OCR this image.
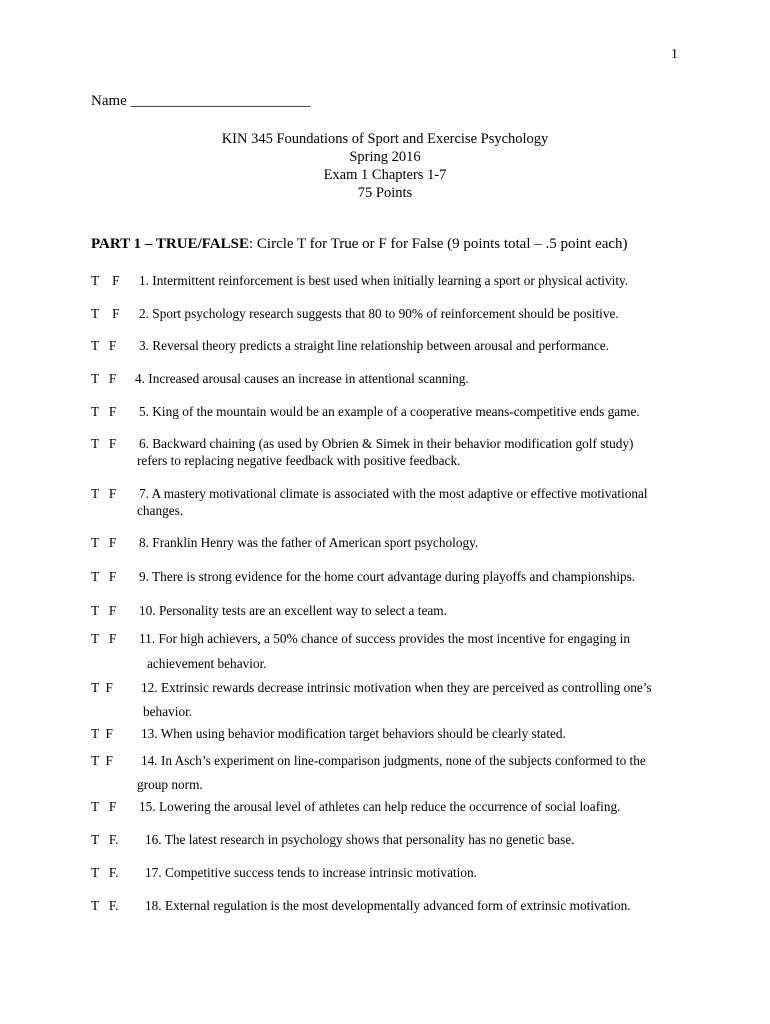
1
Name ________________________
KIN 345 Foundations of Sport and Exercise Psychology
Spring 2016
Exam 1 Chapters 1-7
75 Points
PART 1 – TRUE/FALSE: Circle T for True or F for False (9 points total – .5 point each)
T    F 1. Intermittent reinforcement is best used when initially learning a sport or physical activity.
T    F 2. Sport psychology research suggests that 80 to 90% of reinforcement should be positive.
T   F 3. Reversal theory predicts a straight line relationship between arousal and performance.
T   F 4. Increased arousal causes an increase in attentional scanning.
T   F 5. King of the mountain would be an example of a cooperative means-competitive ends game.
T   F 6. Backward chaining (as used by Obrien & Simek in their behavior modification golf study)
refers to replacing negative feedback with positive feedback.
T   F 7. A mastery motivational climate is associated with the most adaptive or effective motivational
changes.
T   F 8. Franklin Henry was the father of American sport psychology.
T   F 9. There is strong evidence for the home court advantage during playoffs and championships.
T   F 10. Personality tests are an excellent way to select a team.
T   F 11. For high achievers, a 50% chance of success provides the most incentive for engaging in
achievement behavior.
T  F 12. Extrinsic rewards decrease intrinsic motivation when they are perceived as controlling one’s
behavior.
T  F 13. When using behavior modification target behaviors should be clearly stated.
T  F 14. In Asch’s experiment on line-comparison judgments, none of the subjects conformed to the
group norm.
T   F 15. Lowering the arousal level of athletes can help reduce the occurrence of social loafing.
T   F. 16. The latest research in psychology shows that personality has no genetic base.
T   F. 17. Competitive success tends to increase intrinsic motivation.
T   F. 18. External regulation is the most developmentally advanced form of extrinsic motivation.
